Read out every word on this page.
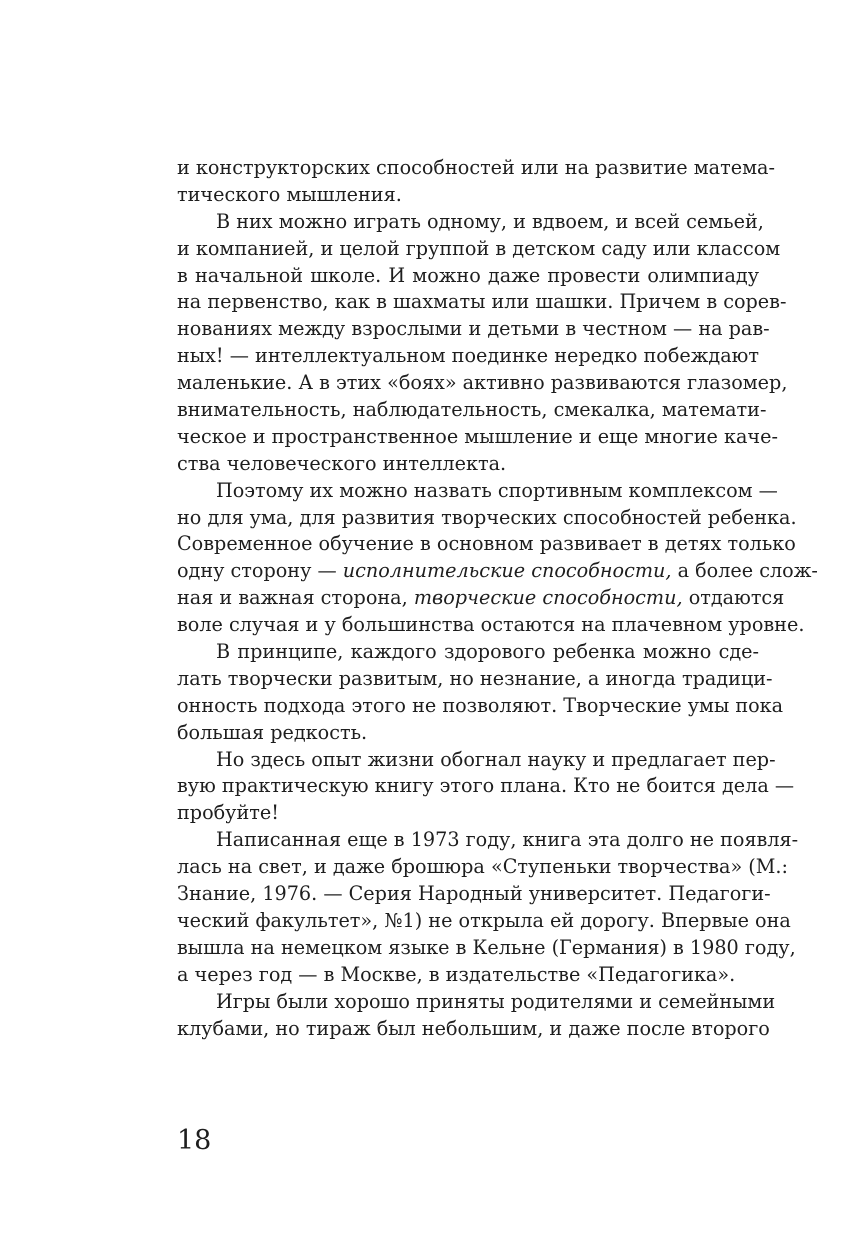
и конструкторских способностей или на развитие матема-
тического мышления.
В них можно играть одному, и вдвоем, и всей семьей,
и компанией, и целой группой в детском саду или классом
в начальной школе. И можно даже провести олимпиаду
на первенство, как в шахматы или шашки. Причем в сорев-
нованиях между взрослыми и детьми в честном — на рав-
ных! — интеллектуальном поединке нередко побеждают
маленькие. А в этих «боях» активно развиваются глазомер,
внимательность, наблюдательность, смекалка, математи-
ческое и пространственное мышление и еще многие каче-
ства человеческого интеллекта.
Поэтому их можно назвать спортивным комплексом —
но для ума, для развития творческих способностей ребенка.
Современное обучение в основном развивает в детях только
одну сторону — исполнительские способности, а более слож-
ная и важная сторона, творческие способности, отдаются
воле случая и у большинства остаются на плачевном уровне.
В принципе, каждого здорового ребенка можно сде-
лать творчески развитым, но незнание, а иногда традици-
онность подхода этого не позволяют. Творческие умы пока
большая редкость.
Но здесь опыт жизни обогнал науку и предлагает пер-
вую практическую книгу этого плана. Кто не боится дела —
пробуйте!
Написанная еще в 1973 году, книга эта долго не появля-
лась на свет, и даже брошюра «Ступеньки творчества» (М.:
Знание, 1976. — Серия Народный университет. Педагоги-
ческий факультет», №1) не открыла ей дорогу. Впервые она
вышла на немецком языке в Кельне (Германия) в 1980 году,
а через год — в Москве, в издательстве «Педагогика».
Игры были хорошо приняты родителями и семейными
клубами, но тираж был небольшим, и даже после второго
18
